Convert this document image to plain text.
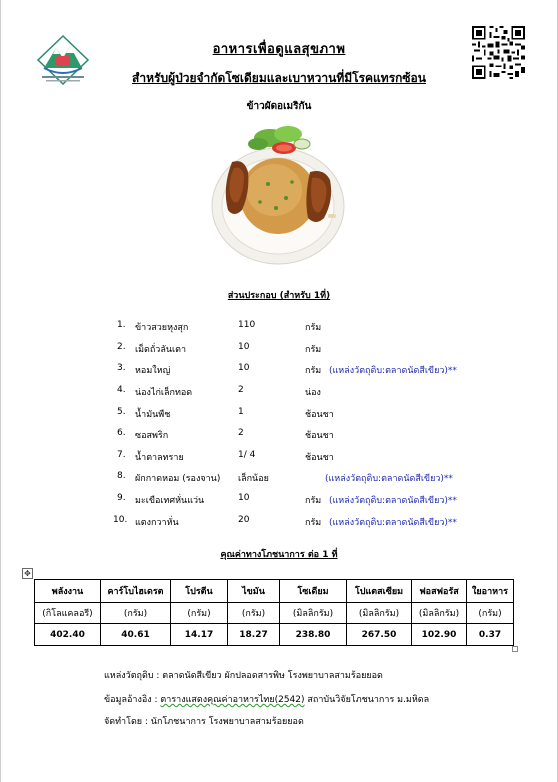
อาหารเพื่อดูแลสุขภาพ
สำหรับผู้ป่วยจำกัดโซเดียมและเบาหวานที่มีโรคแทรกซ้อน
ข้าวผัดอเมริกัน
ส่วนประกอบ (สำหรับ 1ที่)
1. ข้าวสวยหุงสุก	110	กรัม
2. เม็ดถั่วลันเตา	10	กรัม
3. หอมใหญ่	10	กรัม (แหล่งวัตถุดิบ:ตลาดนัดสีเขียว)**
4. น่องไก่เล็กทอด	2	น่อง
5. น้ำมันพืช	1	ช้อนชา
6. ซอสพริก	2	ช้อนชา
7. น้ำตาลทราย	1/ 4	ช้อนชา
8. ผักกาดหอม (รองจาน) เล็กน้อย	(แหล่งวัตถุดิบ:ตลาดนัดสีเขียว)**
9. มะเขือเทศหั่นแว่น	10	กรัม (แหล่งวัตถุดิบ:ตลาดนัดสีเขียว)**
10. แตงกวาหั่น	20	กรัม (แหล่งวัตถุดิบ:ตลาดนัดสีเขียว)**
คุณค่าทางโภชนาการ ต่อ 1 ที่
✥
พลังงาน	คาร์โบไฮเดรต	โปรตีน	ไขมัน	โซเดียม	โปแตสเซียม	ฟอสฟอรัส	ใยอาหาร
(กิโลแคลอรี)	(กรัม)	(กรัม)	(กรัม)	(มิลลิกรัม)	(มิลลิกรัม)	(มิลลิกรัม)	(กรัม)
402.40	40.61	14.17	18.27	238.80	267.50	102.90	0.37
แหล่งวัตถุดิบ : ตลาดนัดสีเขียว ผักปลอดสารพิษ โรงพยาบาลสามร้อยยอด
ข้อมูลอ้างอิง : ตารางแสดงคุณค่าอาหารไทย(2542) สถาบันวิจัยโภชนาการ ม.มหิดล
จัดทำโดย : นักโภชนาการ โรงพยาบาลสามร้อยยอด
